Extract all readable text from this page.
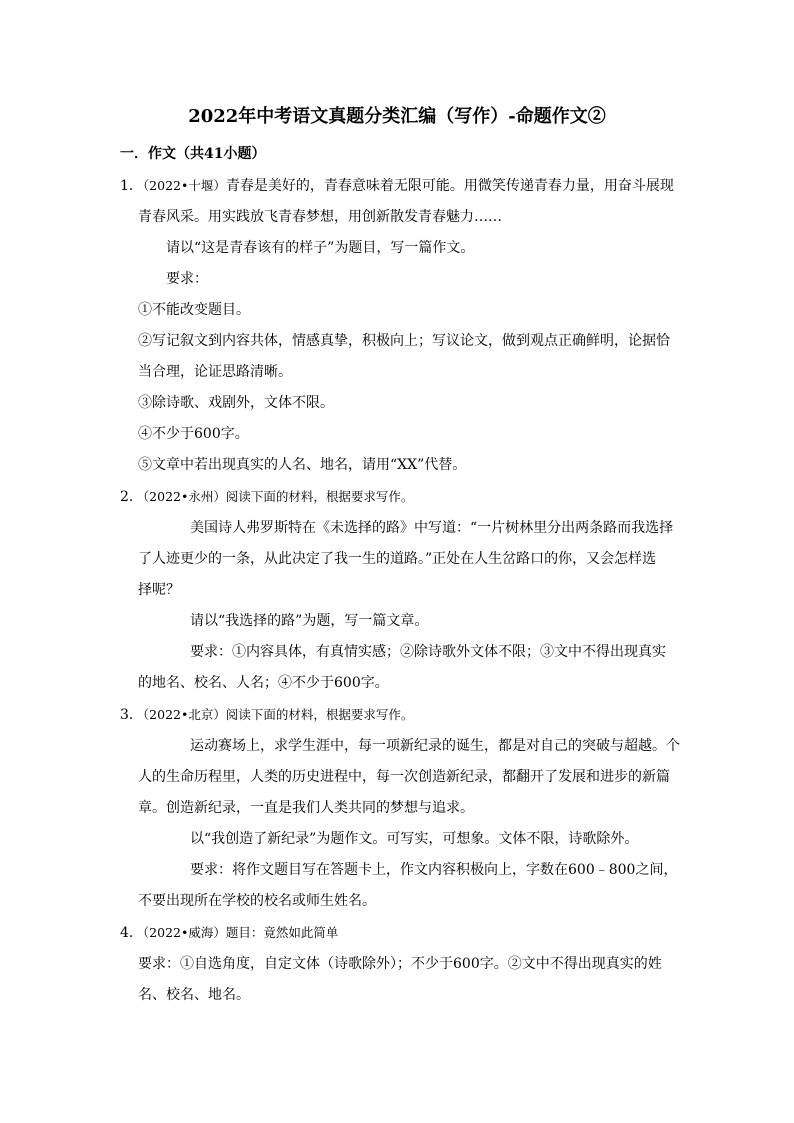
2022年中考语文真题分类汇编（写作）-命题作文②
一．作文（共41小题）
1．（2022•十堰）青春是美好的，青春意味着无限可能。用微笑传递青春力量，用奋斗展现
青春风采。用实践放飞青春梦想，用创新散发青春魅力……
请以“这是青春该有的样子”为题目，写一篇作文。
要求：
①不能改变题目。
②写记叙文到内容共体，情感真挚，积极向上；写议论文，做到观点正确鲜明，论据恰
当合理，论证思路清晰。
③除诗歌、戏剧外，文体不限。
④不少于600字。
⑤文章中若出现真实的人名、地名，请用“XX”代替。
2．（2022•永州）阅读下面的材料，根据要求写作。
美国诗人弗罗斯特在《未选择的路》中写道：“一片树林里分出两条路而我选择
了人迹更少的一条，从此决定了我一生的道路。”正处在人生岔路口的你，又会怎样选
择呢？
请以“我选择的路”为题，写一篇文章。
要求：①内容具体，有真情实感；②除诗歌外文体不限；③文中不得出现真实
的地名、校名、人名；④不少于600字。
3．（2022•北京）阅读下面的材料，根据要求写作。
运动赛场上，求学生涯中，每一项新纪录的诞生，都是对自己的突破与超越。个
人的生命历程里，人类的历史进程中，每一次创造新纪录，都翻开了发展和进步的新篇
章。创造新纪录，一直是我们人类共同的梦想与追求。
以“我创造了新纪录”为题作文。可写实，可想象。文体不限，诗歌除外。
要求：将作文题目写在答题卡上，作文内容积极向上，字数在600﹣800之间，
不要出现所在学校的校名或师生姓名。
4．（2022•威海）题目：竟然如此简单
要求：①自选角度，自定文体（诗歌除外）；不少于600字。②文中不得出现真实的姓
名、校名、地名。
